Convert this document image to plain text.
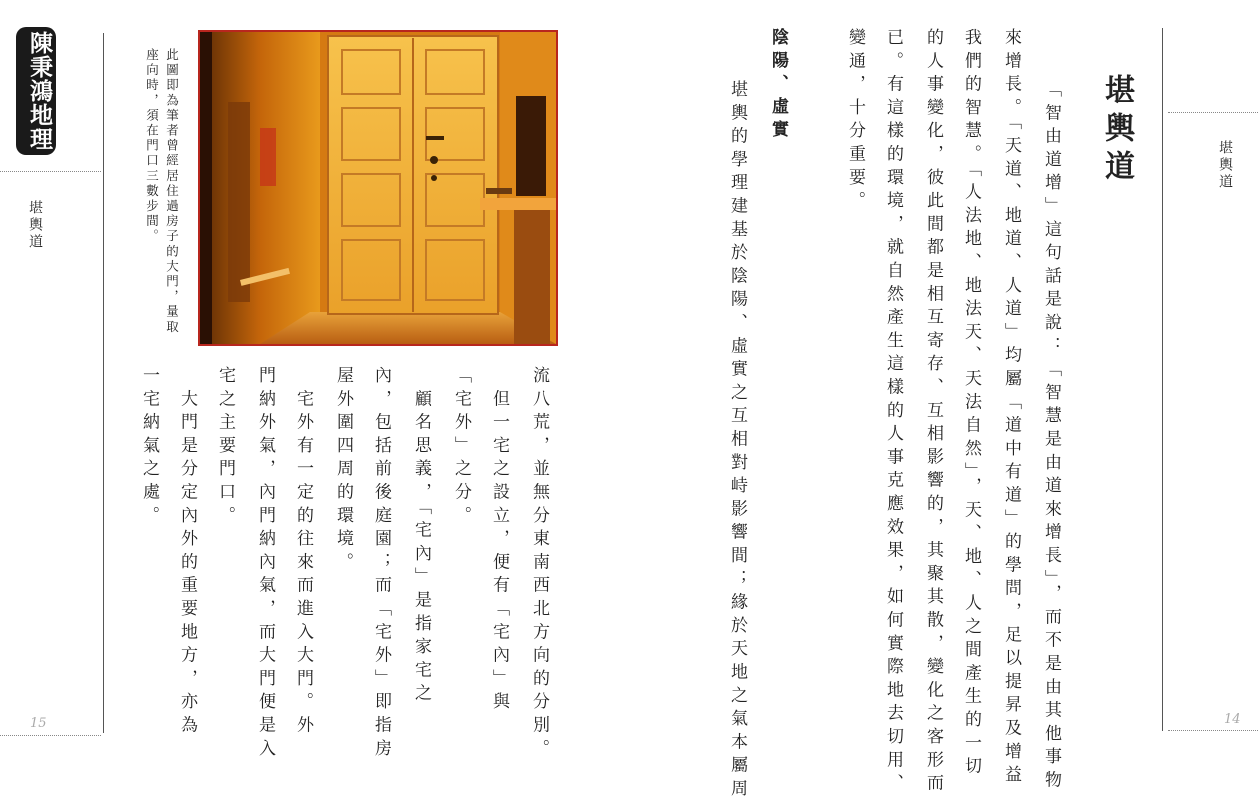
陳秉鴻地理
堪輿道
15
此圖即為筆者曾經居住過房子的大門，量取
座向時，須在門口三數步間。
流八荒，並無分東南西北方向的分別。
　但一宅之設立，便有「宅內」與
「宅外」之分。
　顧名思義，「宅內」是指家宅之
內，包括前後庭園；而「宅外」即指房
屋外圍四周的環境。
　宅外有一定的往來而進入大門。外
門納外氣，內門納內氣，而大門便是入
宅之主要門口。
　大門是分定內外的重要地方，亦為
一宅納氣之處。
堪輿道
「智由道增」這句話是說：「智慧是由道來增長」，而不是由其他事物
來增長。「天道、地道、人道」均屬「道中有道」的學問，足以提昇及增益
我們的智慧。「人法地、地法天、天法自然」，天、地、人之間產生的一切
的人事變化，彼此間都是相互寄存、互相影響的，其聚其散，變化之客形而
已。有這樣的環境，就自然產生這樣的人事克應效果，如何實際地去切用、
變通，十分重要。
陰陽、虛實
堪輿的學理建基於陰陽、虛實之互相對峙影響間；緣於天地之氣本屬周	堪輿道
14
